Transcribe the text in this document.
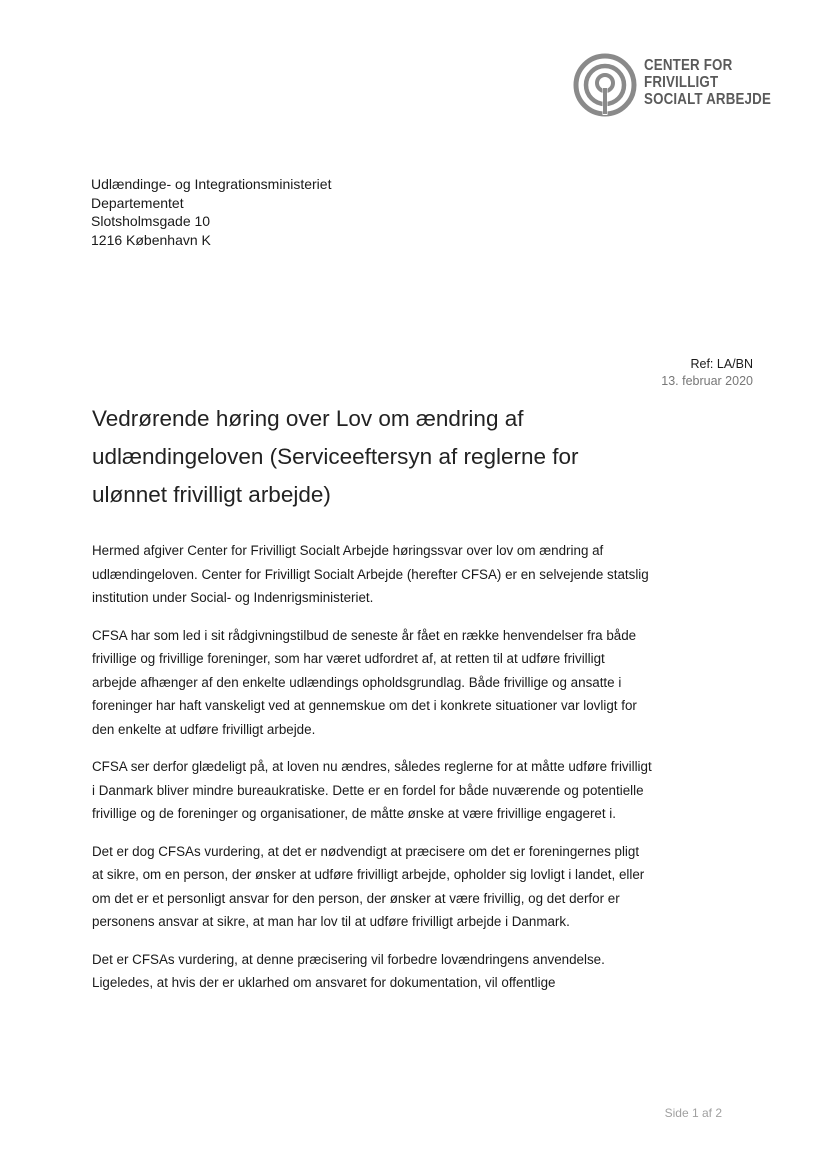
CENTER FOR
FRIVILLIGT
SOCIALT ARBEJDE
Udlændinge- og Integrationsministeriet
Departementet
Slotsholmsgade 10
1216 København K
Ref: LA/BN
13. februar 2020
Vedrørende høring over Lov om ændring af udlændingeloven (Serviceeftersyn af reglerne for ulønnet frivilligt arbejde)

Hermed afgiver Center for Frivilligt Socialt Arbejde høringssvar over lov om ændring af udlændingeloven. Center for Frivilligt Socialt Arbejde (herefter CFSA) er en selvejende statslig institution under Social- og Indenrigsministeriet.

CFSA har som led i sit rådgivningstilbud de seneste år fået en række henvendelser fra både frivillige og frivillige foreninger, som har været udfordret af, at retten til at udføre frivilligt arbejde afhænger af den enkelte udlændings opholdsgrundlag. Både frivillige og ansatte i foreninger har haft vanskeligt ved at gennemskue om det i konkrete situationer var lovligt for den enkelte at udføre frivilligt arbejde.

CFSA ser derfor glædeligt på, at loven nu ændres, således reglerne for at måtte udføre frivilligt i Danmark bliver mindre bureaukratiske. Dette er en fordel for både nuværende og potentielle frivillige og de foreninger og organisationer, de måtte ønske at være frivillige engageret i.

Det er dog CFSAs vurdering, at det er nødvendigt at præcisere om det er foreningernes pligt at sikre, om en person, der ønsker at udføre frivilligt arbejde, opholder sig lovligt i landet, eller om det er et personligt ansvar for den person, der ønsker at være frivillig, og det derfor er personens ansvar at sikre, at man har lov til at udføre frivilligt arbejde i Danmark.

Det er CFSAs vurdering, at denne præcisering vil forbedre lovændringens anvendelse. Ligeledes, at hvis der er uklarhed om ansvaret for dokumentation, vil offentlige

Side 1 af 2
